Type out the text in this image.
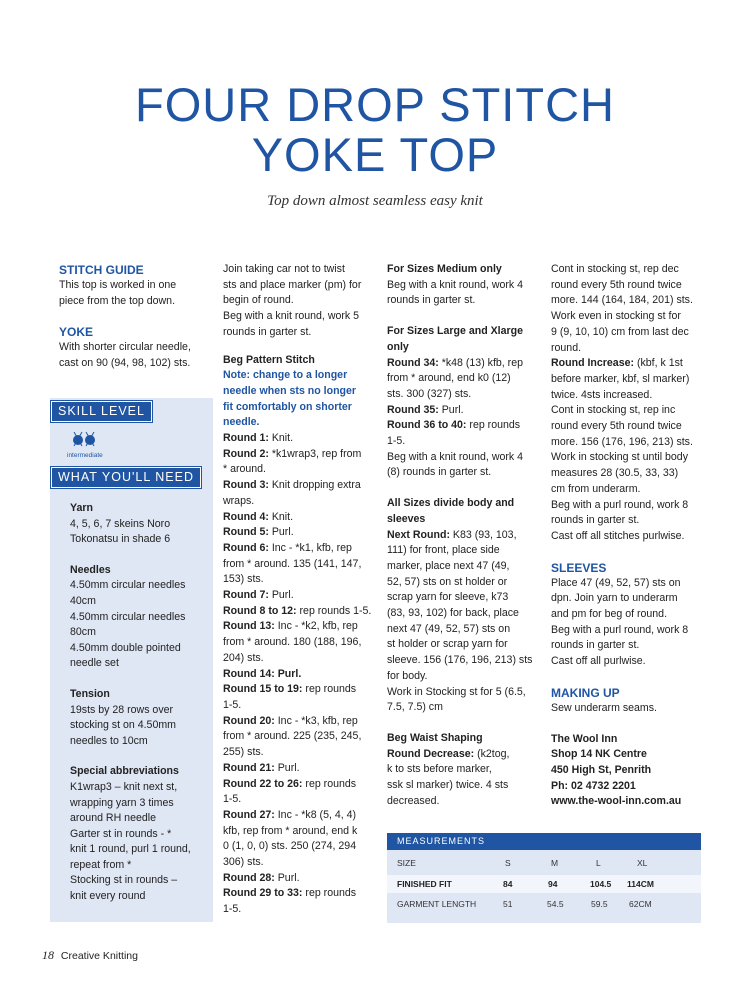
FOUR DROP STITCH
YOKE TOP
Top down almost seamless easy knit

STITCH GUIDE

This top is worked in one

piece from the top down.

YOKE

With shorter circular needle,

cast on 90 (94, 98, 102) sts.

SKILL LEVEL
intermediate
WHAT YOU'LL NEED

Yarn

4, 5, 6, 7 skeins Noro

Tokonatsu in shade 6

Needles

4.50mm circular needles

40cm

4.50mm circular needles

80cm

4.50mm double pointed

needle set

Tension

19sts by 28 rows over

stocking st on 4.50mm

needles to 10cm

Special abbreviations

K1wrap3 – knit next st,

wrapping yarn 3 times

around RH needle

Garter st in rounds - *

knit 1 round, purl 1 round,

repeat from *

Stocking st in rounds –

knit every round

Join taking car not to twist

sts and place marker (pm) for

begin of round.

Beg with a knit round, work 5

rounds in garter st.

Beg Pattern Stitch

Note: change to a longer

needle when sts no longer

fit comfortably on shorter

needle.

Round 1: Knit.

Round 2: *k1wrap3, rep from

* around.

Round 3: Knit dropping extra

wraps.

Round 4: Knit.

Round 5: Purl.

Round 6: Inc - *k1, kfb, rep

from * around. 135 (141, 147,

153) sts.

Round 7: Purl.

Round 8 to 12: rep rounds 1-5.

Round 13: Inc - *k2, kfb, rep

from * around. 180 (188, 196,

204) sts.

Round 14: Purl.

Round 15 to 19: rep rounds

1-5.

Round 20: Inc - *k3, kfb, rep

from * around. 225 (235, 245,

255) sts.

Round 21: Purl.

Round 22 to 26: rep rounds

1-5.

Round 27: Inc - *k8 (5, 4, 4)

kfb, rep from * around, end k

0 (1, 0, 0) sts. 250 (274, 294

306) sts.

Round 28: Purl.

Round 29 to 33: rep rounds

1-5.

For Sizes Medium only

Beg with a knit round, work 4

rounds in garter st.

For Sizes Large and Xlarge

only

Round 34: *k48 (13) kfb, rep

from * around, end k0 (12)

sts. 300 (327) sts.

Round 35: Purl.

Round 36 to 40: rep rounds

1-5.

Beg with a knit round, work 4

(8) rounds in garter st.

All Sizes divide body and

sleeves

Next Round: K83 (93, 103,

111) for front, place side

marker, place next 47 (49,

52, 57) sts on st holder or

scrap yarn for sleeve, k73

(83, 93, 102) for back, place

next 47 (49, 52, 57) sts on

st holder or scrap yarn for

sleeve. 156 (176, 196, 213) sts

for body.

Work in Stocking st for 5 (6.5,

7.5, 7.5) cm

Beg Waist Shaping

Round Decrease: (k2tog,

k to sts before marker,

ssk sl marker) twice. 4 sts

decreased.

Cont in stocking st, rep dec

round every 5th round twice

more. 144 (164, 184, 201) sts.

Work even in stocking st for

9 (9, 10, 10) cm from last dec

round.

Round Increase: (kbf, k 1st

before marker, kbf, sl marker)

twice. 4sts increased.

Cont in stocking st, rep inc

round every 5th round twice

more. 156 (176, 196, 213) sts.

Work in stocking st until body

measures 28 (30.5, 33, 33)

cm from underarm.

Beg with a purl round, work 8

rounds in garter st.

Cast off all stitches purlwise.

SLEEVES

Place 47 (49, 52, 57) sts on

dpn. Join yarn to underarm

and pm for beg of round.

Beg with a purl round, work 8

rounds in garter st.

Cast off all purlwise.

MAKING UP

Sew underarm seams.

The Wool Inn

Shop 14 NK Centre

450 High St, Penrith

Ph: 02 4732 2201

www.the-wool-inn.com.au

MEASUREMENTS
SIZE	S	M	L	XL
FINISHED FIT	84	94	104.5 114CM
GARMENT LENGTH	51	54.5	59.5	62CM
18 Creative Knitting
